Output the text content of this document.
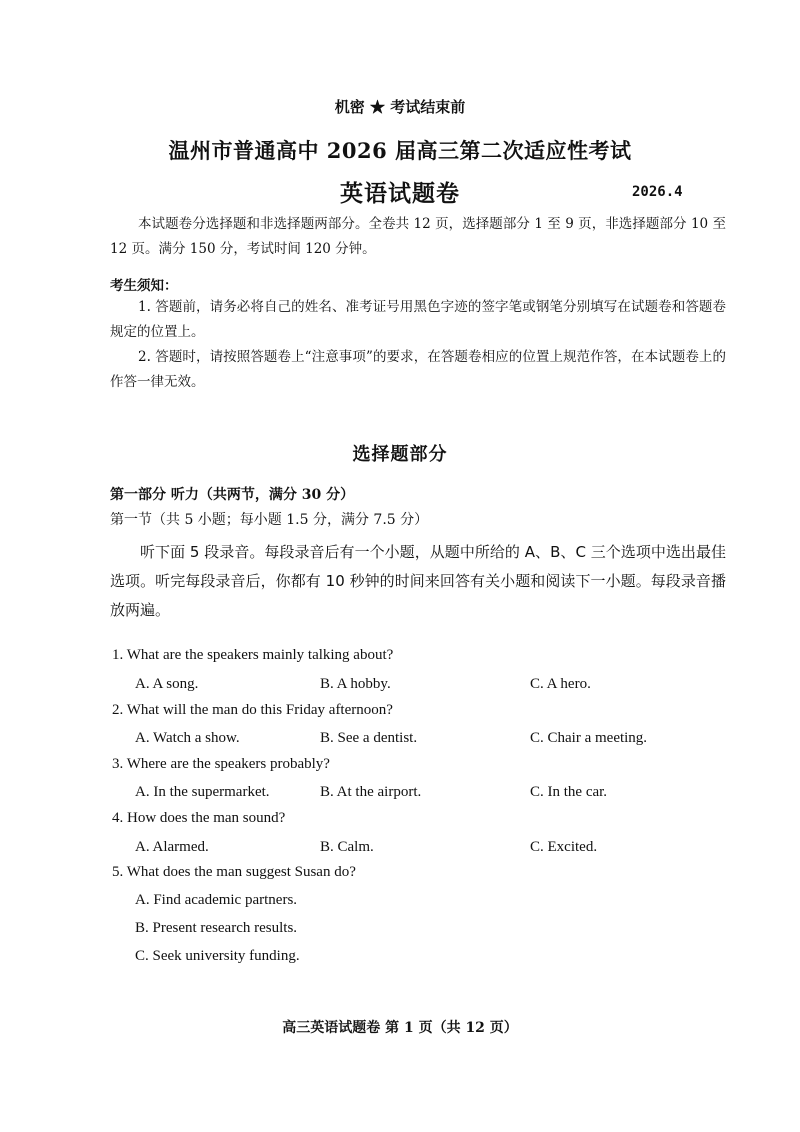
机密 ★ 考试结束前
温州市普通高中 2026 届高三第二次适应性考试
英语试题卷	2026.4
本试题卷分选择题和非选择题两部分。全卷共 12 页，选择题部分 1 至 9 页，非选择题部分 10 至 12 页。满分 150 分，考试时间 120 分钟。
考生须知：
1. 答题前，请务必将自己的姓名、准考证号用黑色字迹的签字笔或钢笔分别填写在试题卷和答题卷规定的位置上。
2. 答题时，请按照答题卷上“注意事项”的要求，在答题卷相应的位置上规范作答，在本试题卷上的作答一律无效。
选择题部分
第一部分 听力（共两节，满分 30 分）
第一节（共 5 小题；每小题 1.5 分，满分 7.5 分）
听下面 5 段录音。每段录音后有一个小题，从题中所给的 A、B、C 三个选项中选出最佳选项。听完每段录音后，你都有 10 秒钟的时间来回答有关小题和阅读下一小题。每段录音播放两遍。
1. What are the speakers mainly talking about?
A. A song.	B. A hobby.	C. A hero.
2. What will the man do this Friday afternoon?
A. Watch a show.	B. See a dentist.	C. Chair a meeting.
3. Where are the speakers probably?
A. In the supermarket.	B. At the airport.	C. In the car.
4. How does the man sound?
A. Alarmed.	B. Calm.	C. Excited.
5. What does the man suggest Susan do?
A. Find academic partners.
B. Present research results.
C. Seek university funding.
高三英语试题卷 第 1 页（共 12 页）
